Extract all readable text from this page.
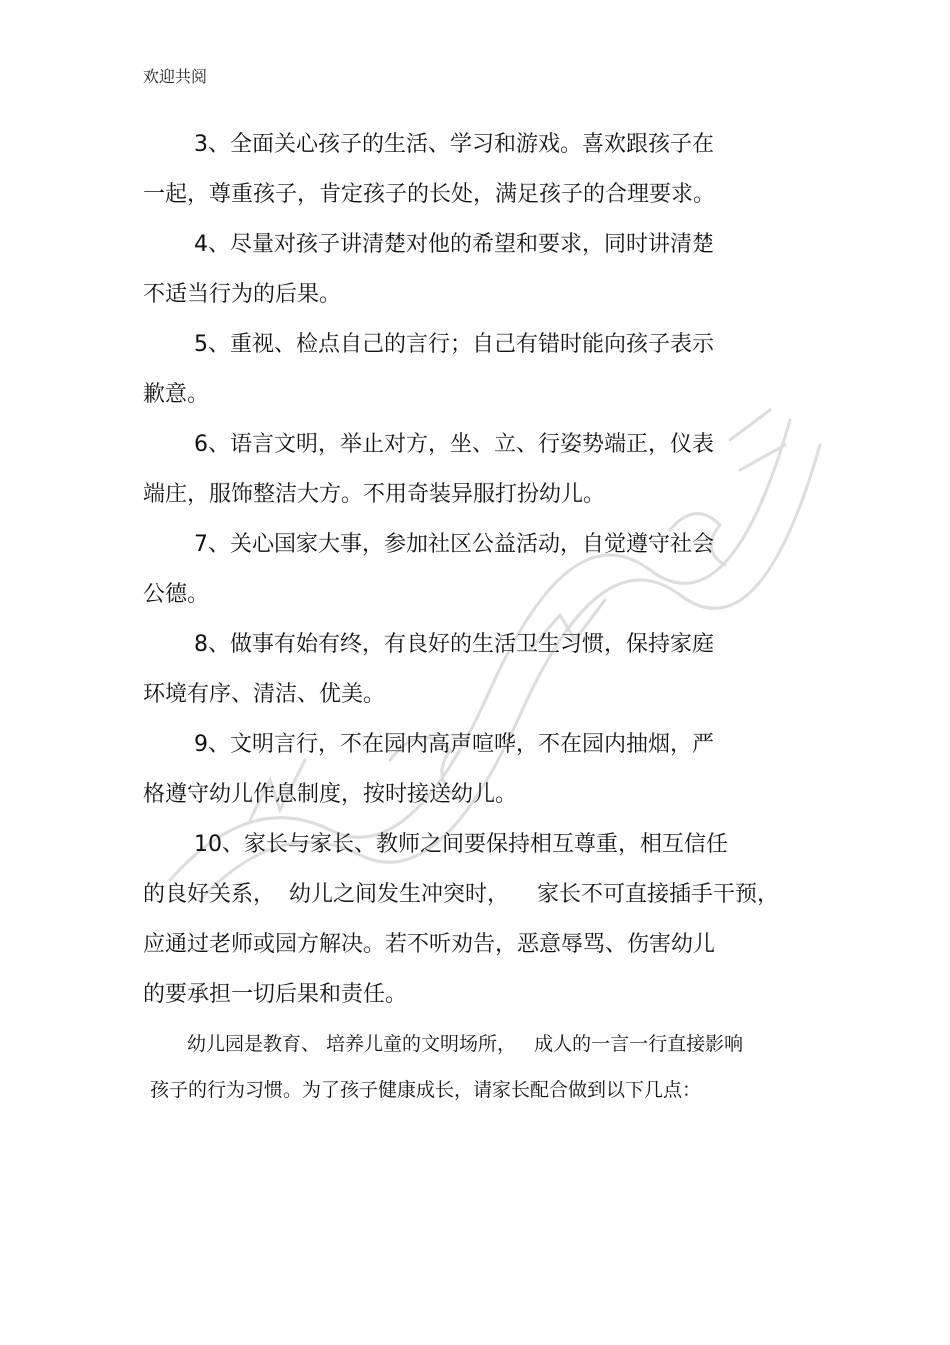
欢迎共阅
3、全面关心孩子的生活、学习和游戏。喜欢跟孩子在
一起，尊重孩子，肯定孩子的长处，满足孩子的合理要求。
4、尽量对孩子讲清楚对他的希望和要求，同时讲清楚
不适当行为的后果。
5、重视、检点自己的言行；自己有错时能向孩子表示
歉意。
6、语言文明，举止对方，坐、立、行姿势端正，仪表
端庄，服饰整洁大方。不用奇装异服打扮幼儿。
7、关心国家大事，参加社区公益活动，自觉遵守社会
公德。
8、做事有始有终，有良好的生活卫生习惯，保持家庭
环境有序、清洁、优美。
9、文明言行，不在园内高声喧哗，不在园内抽烟，严
格遵守幼儿作息制度，按时接送幼儿。
10、家长与家长、教师之间要保持相互尊重，相互信任
的良好关系，  幼儿之间发生冲突时，    家长不可直接插手干预，
应通过老师或园方解决。若不听劝告，恶意辱骂、伤害幼儿
的要承担一切后果和责任。
幼儿园是教育、 培养儿童的文明场所，   成人的一言一行直接影响
孩子的行为习惯。为了孩子健康成长，请家长配合做到以下几点：
